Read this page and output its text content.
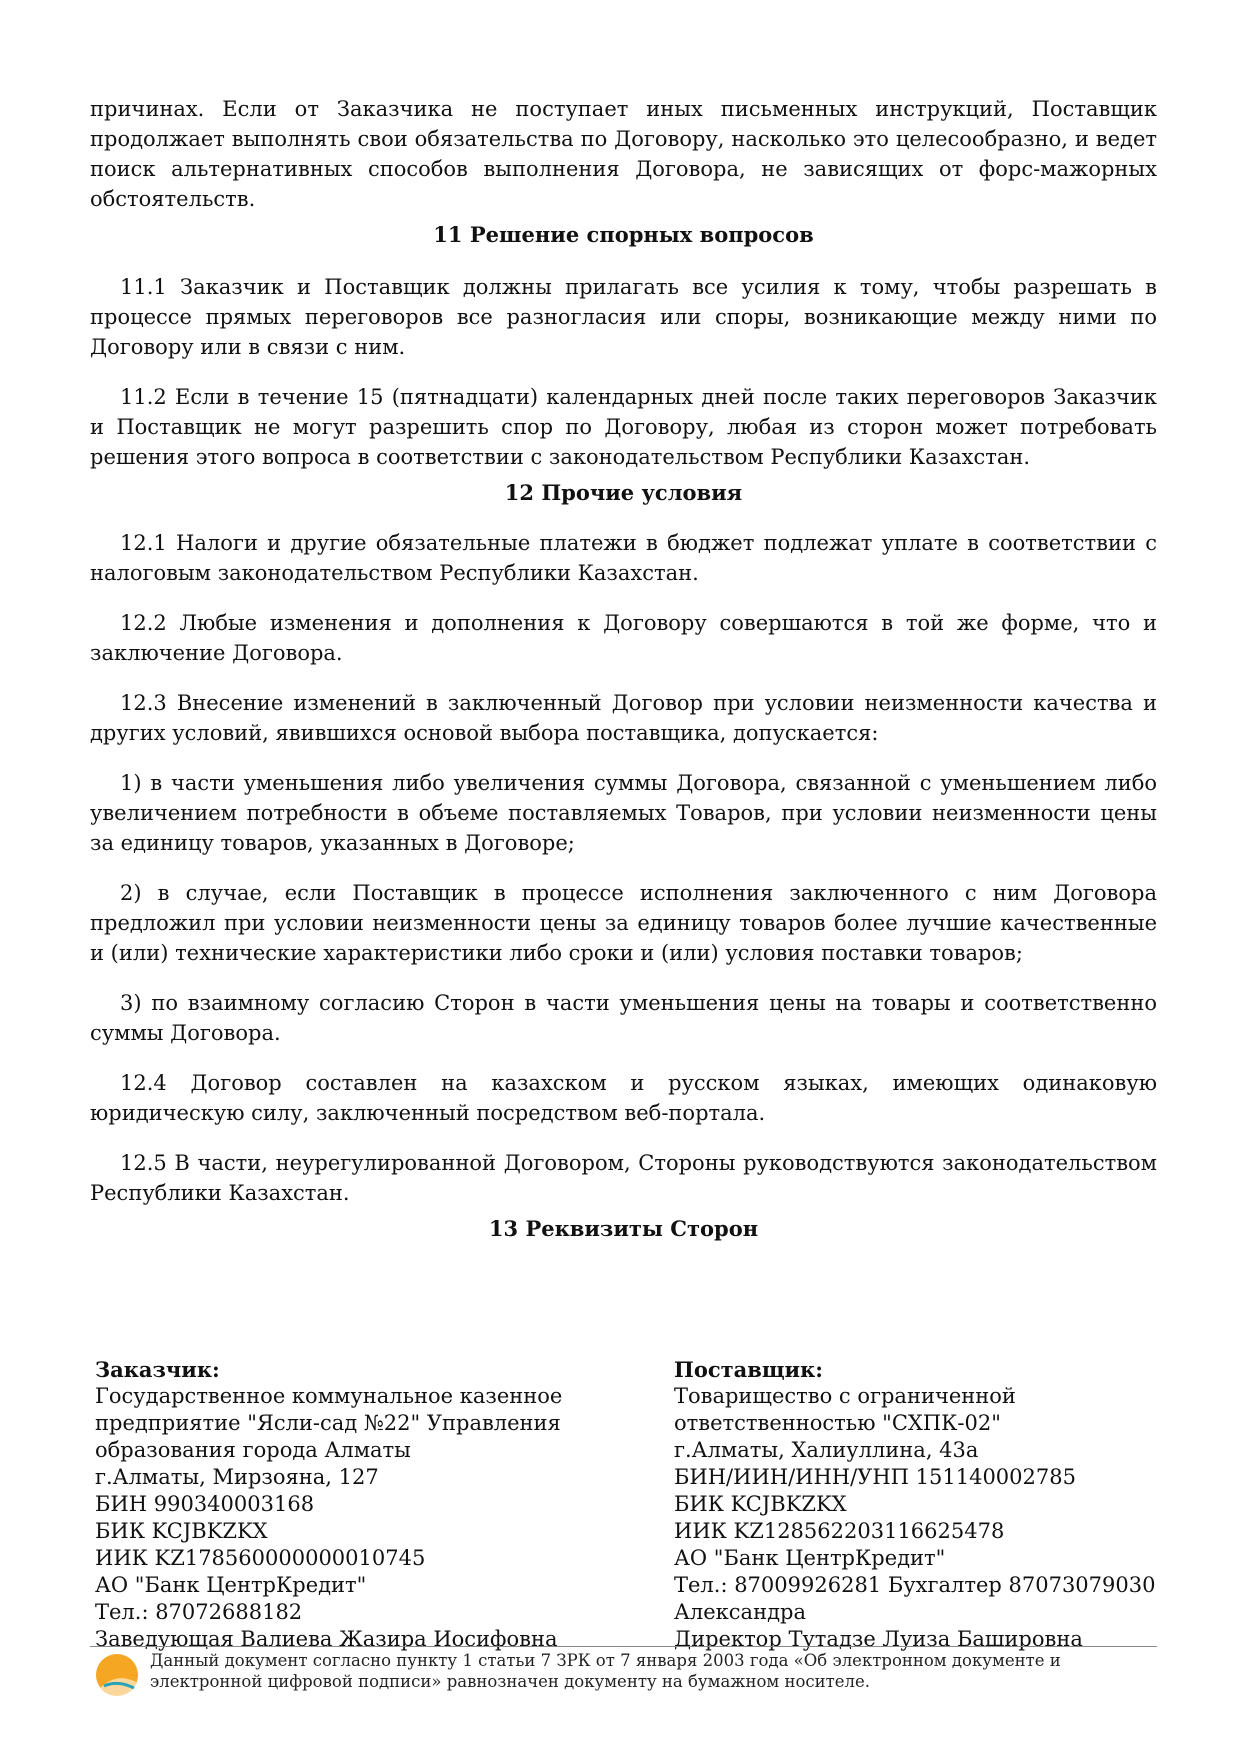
причинах. Если от Заказчика не поступает иных письменных инструкций, Поставщик продолжает выполнять свои обязательства по Договору, насколько это целесообразно, и ведет поиск альтернативных способов выполнения Договора, не зависящих от форс-мажорных обстоятельств.

11 Решение спорных вопросов

11.1 Заказчик и Поставщик должны прилагать все усилия к тому, чтобы разрешать в процессе прямых переговоров все разногласия или споры, возникающие между ними по Договору или в связи с ним.

11.2 Если в течение 15 (пятнадцати) календарных дней после таких переговоров Заказчик и Поставщик не могут разрешить спор по Договору, любая из сторон может потребовать решения этого вопроса в соответствии с законодательством Республики Казахстан.

12 Прочие условия

12.1 Налоги и другие обязательные платежи в бюджет подлежат уплате в соответствии с налоговым законодательством Республики Казахстан.

12.2 Любые изменения и дополнения к Договору совершаются в той же форме, что и заключение Договора.

12.3 Внесение изменений в заключенный Договор при условии неизменности качества и других условий, явившихся основой выбора поставщика, допускается:

1) в части уменьшения либо увеличения суммы Договора, связанной с уменьшением либо увеличением потребности в объеме поставляемых Товаров, при условии неизменности цены за единицу товаров, указанных в Договоре;

2) в случае, если Поставщик в процессе исполнения заключенного с ним Договора предложил при условии неизменности цены за единицу товаров более лучшие качественные и (или) технические характеристики либо сроки и (или) условия поставки товаров;

3) по взаимному согласию Сторон в части уменьшения цены на товары и соответственно суммы Договора.

12.4 Договор составлен на казахском и русском языках, имеющих одинаковую юридическую силу, заключенный посредством веб-портала.

12.5 В части, неурегулированной Договором, Стороны руководствуются законодательством Республики Казахстан.

13 Реквизиты Сторон

Заказчик:
Государственное коммунальное казенное
предприятие "Ясли-сад №22" Управления
образования города Алматы
г.Алматы, Мирзояна, 127
БИН 990340003168
БИК KCJBKZKX
ИИК KZ178560000000010745
АО "Банк ЦентрКредит"
Тел.: 87072688182
Заведующая Валиева Жазира Иосифовна
Поставщик:
Товарищество с ограниченной
ответственностью "СХПК-02"
г.Алматы, Халиуллина, 43а
БИН/ИИН/ИНН/УНП 151140002785
БИК KCJBKZKX
ИИК KZ128562203116625478
АО "Банк ЦентрКредит"
Тел.: 87009926281 Бухгалтер 87073079030
Александра
Директор Тутадзе Луиза Башировна
Данный документ согласно пункту 1 статьи 7 ЗРК от 7 января 2003 года «Об электронном документе и
электронной цифровой подписи» равнозначен документу на бумажном носителе.
